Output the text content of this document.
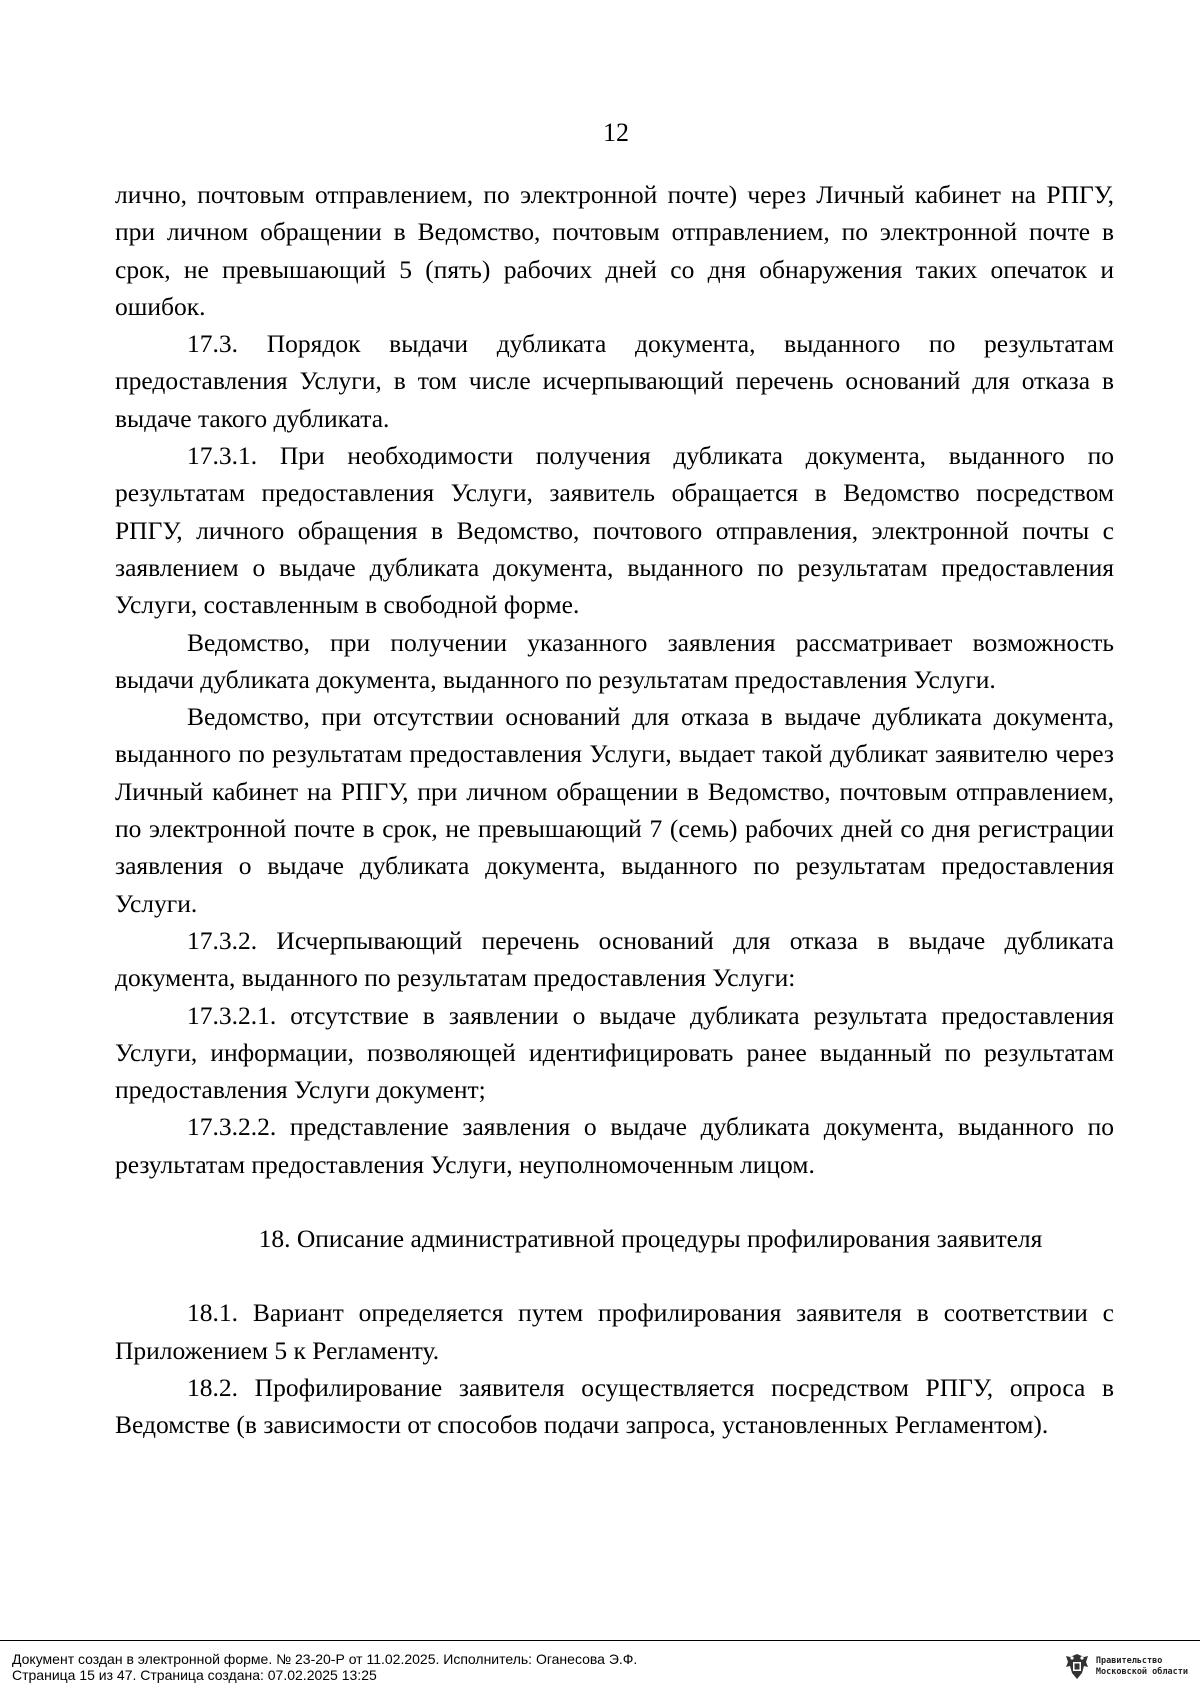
12

лично, почтовым отправлением, по электронной почте) через Личный кабинет на РПГУ, при личном обращении в Ведомство, почтовым отправлением, по электронной почте в срок, не превышающий 5 (пять) рабочих дней со дня обнаружения таких опечаток и ошибок.

17.3. Порядок выдачи дубликата документа, выданного по результатам предоставления Услуги, в том числе исчерпывающий перечень оснований для отказа в выдаче такого дубликата.

17.3.1. При необходимости получения дубликата документа, выданного по результатам предоставления Услуги, заявитель обращается в Ведомство посредством РПГУ, личного обращения в Ведомство, почтового отправления, электронной почты с заявлением о выдаче дубликата документа, выданного по результатам предоставления Услуги, составленным в свободной форме.

Ведомство, при получении указанного заявления рассматривает возможность выдачи дубликата документа, выданного по результатам предоставления Услуги.

Ведомство, при отсутствии оснований для отказа в выдаче дубликата документа, выданного по результатам предоставления Услуги, выдает такой дубликат заявителю через Личный кабинет на РПГУ, при личном обращении в Ведомство, почтовым отправлением, по электронной почте в срок, не превышающий 7 (семь) рабочих дней со дня регистрации заявления о выдаче дубликата документа, выданного по результатам предоставления Услуги.

17.3.2. Исчерпывающий перечень оснований для отказа в выдаче дубликата документа, выданного по результатам предоставления Услуги:

17.3.2.1. отсутствие в заявлении о выдаче дубликата результата предоставления Услуги, информации, позволяющей идентифицировать ранее выданный по результатам предоставления Услуги документ;

17.3.2.2. представление заявления о выдаче дубликата документа, выданного по результатам предоставления Услуги, неуполномоченным лицом.

18. Описание административной процедуры профилирования заявителя

18.1. Вариант определяется путем профилирования заявителя в соответствии с Приложением 5 к Регламенту.

18.2. Профилирование заявителя осуществляется посредством РПГУ, опроса в Ведомстве (в зависимости от способов подачи запроса, установленных Регламентом).

Документ создан в электронной форме. № 23-20-Р от 11.02.2025. Исполнитель: Оганесова Э.Ф.
Страница 15 из 47. Страница создана: 07.02.2025 13:25
Правительство
Московской области
